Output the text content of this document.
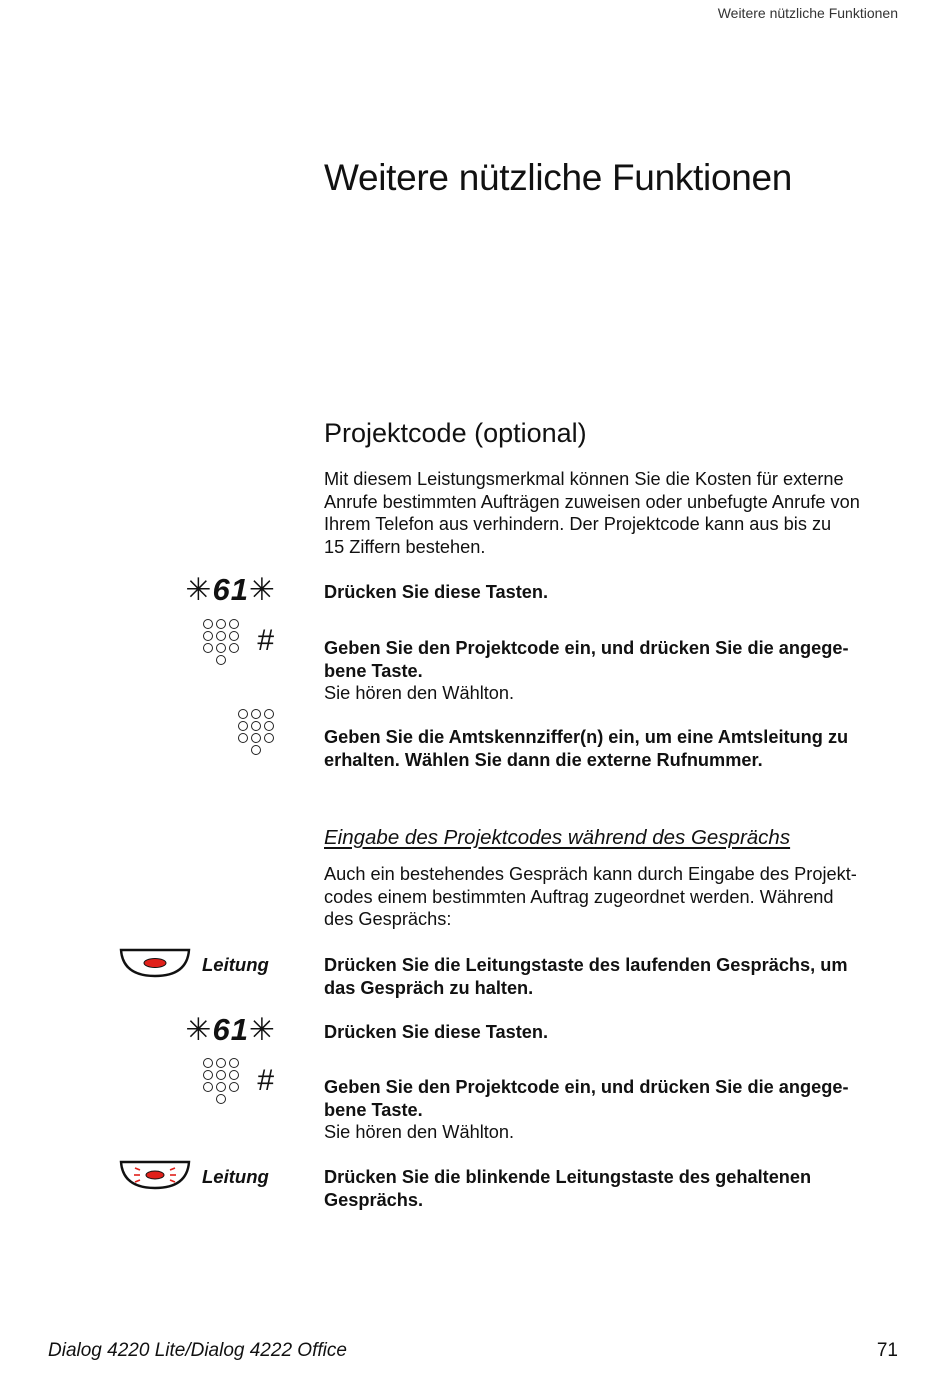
Weitere nützliche Funktionen
Weitere nützliche Funktionen
Projektcode (optional)
Mit diesem Leistungsmerkmal können Sie die Kosten für externe
Anrufe bestimmten Aufträgen zuweisen oder unbefugte Anrufe von
Ihrem Telefon aus verhindern. Der Projektcode kann aus bis zu
15 Ziffern bestehen.
✳61✳	Drücken Sie diese Tasten.
#	Geben Sie den Projektcode ein, und drücken Sie die angege-
bene Taste.
Sie hören den Wählton.
Geben Sie die Amtskennziffer(n) ein, um eine Amtsleitung zu
erhalten. Wählen Sie dann die externe Rufnummer.
Eingabe des Projektcodes während des Gesprächs
Auch ein bestehendes Gespräch kann durch Eingabe des Projekt-
codes einem bestimmten Auftrag zugeordnet werden. Während
des Gesprächs:
Leitung	Drücken Sie die Leitungstaste des laufenden Gesprächs, um
das Gespräch zu halten.
✳61✳	Drücken Sie diese Tasten.
#	Geben Sie den Projektcode ein, und drücken Sie die angege-
bene Taste.
Sie hören den Wählton.
Leitung	Drücken Sie die blinkende Leitungstaste des gehaltenen
Gesprächs.
Dialog 4220 Lite/Dialog 4222 Office	71
